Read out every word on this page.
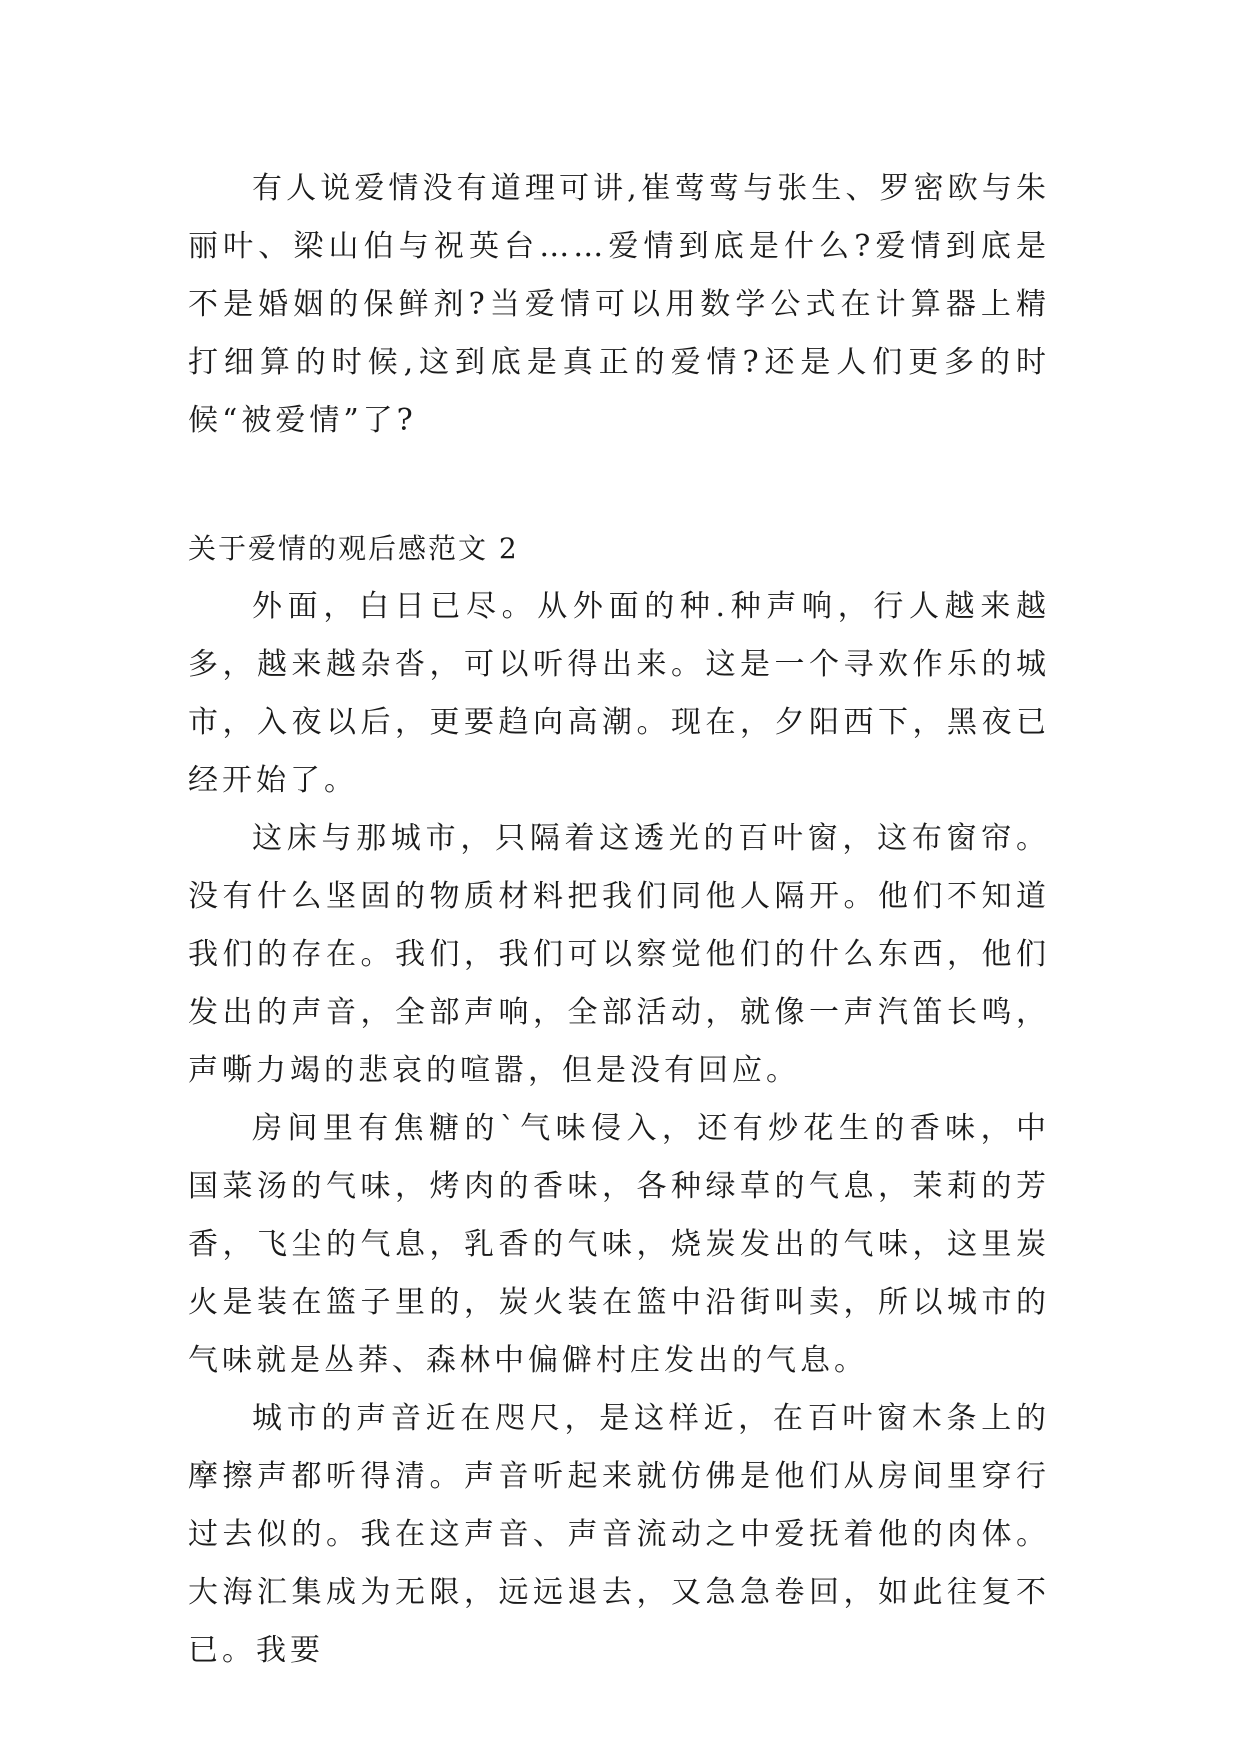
有人说爱情没有道理可讲,崔莺莺与张生、罗密欧与朱丽叶、梁山伯与祝英台……爱情到底是什么?爱情到底是不是婚姻的保鲜剂?当爱情可以用数学公式在计算器上精打细算的时候,这到底是真正的爱情?还是人们更多的时候“被爱情”了?

关于爱情的观后感范文 2

外面，白日已尽。从外面的种.种声响，行人越来越多，越来越杂沓，可以听得出来。这是一个寻欢作乐的城市，入夜以后，更要趋向高潮。现在，夕阳西下，黑夜已经开始了。

这床与那城市，只隔着这透光的百叶窗，这布窗帘。没有什么坚固的物质材料把我们同他人隔开。他们不知道我们的存在。我们，我们可以察觉他们的什么东西，他们发出的声音，全部声响，全部活动，就像一声汽笛长鸣，声嘶力竭的悲哀的喧嚣，但是没有回应。

房间里有焦糖的`气味侵入，还有炒花生的香味，中国菜汤的气味，烤肉的香味，各种绿草的气息，茉莉的芳香，飞尘的气息，乳香的气味，烧炭发出的气味，这里炭火是装在篮子里的，炭火装在篮中沿街叫卖，所以城市的气味就是丛莽、森林中偏僻村庄发出的气息。

城市的声音近在咫尺，是这样近，在百叶窗木条上的摩擦声都听得清。声音听起来就仿佛是他们从房间里穿行过去似的。我在这声音、声音流动之中爱抚着他的肉体。大海汇集成为无限，远远退去，又急急卷回，如此往复不已。我要
